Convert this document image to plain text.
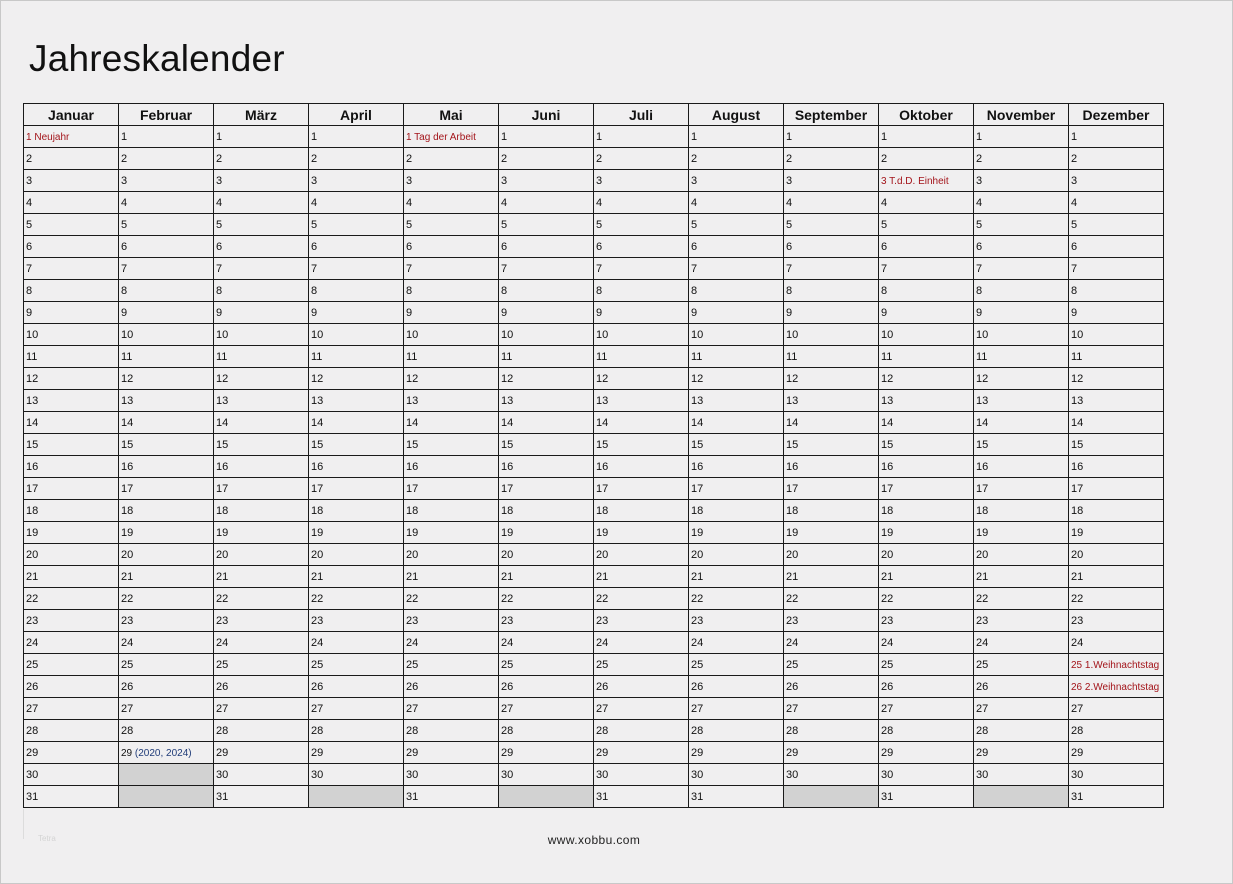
Jahreskalender
Januar	Februar	März	April	Mai	Juni	Juli	August	September	Oktober	November	Dezember
1 Neujahr	1	1	1	1 Tag der Arbeit	1	1	1	1	1	1	1
2	2	2	2	2	2	2	2	2	2	2	2
3	3	3	3	3	3	3	3	3	3 T.d.D. Einheit	3	3
4	4	4	4	4	4	4	4	4	4	4	4
5	5	5	5	5	5	5	5	5	5	5	5
6	6	6	6	6	6	6	6	6	6	6	6
7	7	7	7	7	7	7	7	7	7	7	7
8	8	8	8	8	8	8	8	8	8	8	8
9	9	9	9	9	9	9	9	9	9	9	9
10	10	10	10	10	10	10	10	10	10	10	10
11	11	11	11	11	11	11	11	11	11	11	11
12	12	12	12	12	12	12	12	12	12	12	12
13	13	13	13	13	13	13	13	13	13	13	13
14	14	14	14	14	14	14	14	14	14	14	14
15	15	15	15	15	15	15	15	15	15	15	15
16	16	16	16	16	16	16	16	16	16	16	16
17	17	17	17	17	17	17	17	17	17	17	17
18	18	18	18	18	18	18	18	18	18	18	18
19	19	19	19	19	19	19	19	19	19	19	19
20	20	20	20	20	20	20	20	20	20	20	20
21	21	21	21	21	21	21	21	21	21	21	21
22	22	22	22	22	22	22	22	22	22	22	22
23	23	23	23	23	23	23	23	23	23	23	23
24	24	24	24	24	24	24	24	24	24	24	24
25	25	25	25	25	25	25	25	25	25	25	25 1.Weihnachtstag
26	26	26	26	26	26	26	26	26	26	26	26 2.Weihnachtstag
27	27	27	27	27	27	27	27	27	27	27	27
28	28	28	28	28	28	28	28	28	28	28	28
29	29 (2020, 2024)	29	29	29	29	29	29	29	29	29	29
30		30	30	30	30	30	30	30	30	30	30
31		31		31		31	31		31		31
Tetra	www.xobbu.com
